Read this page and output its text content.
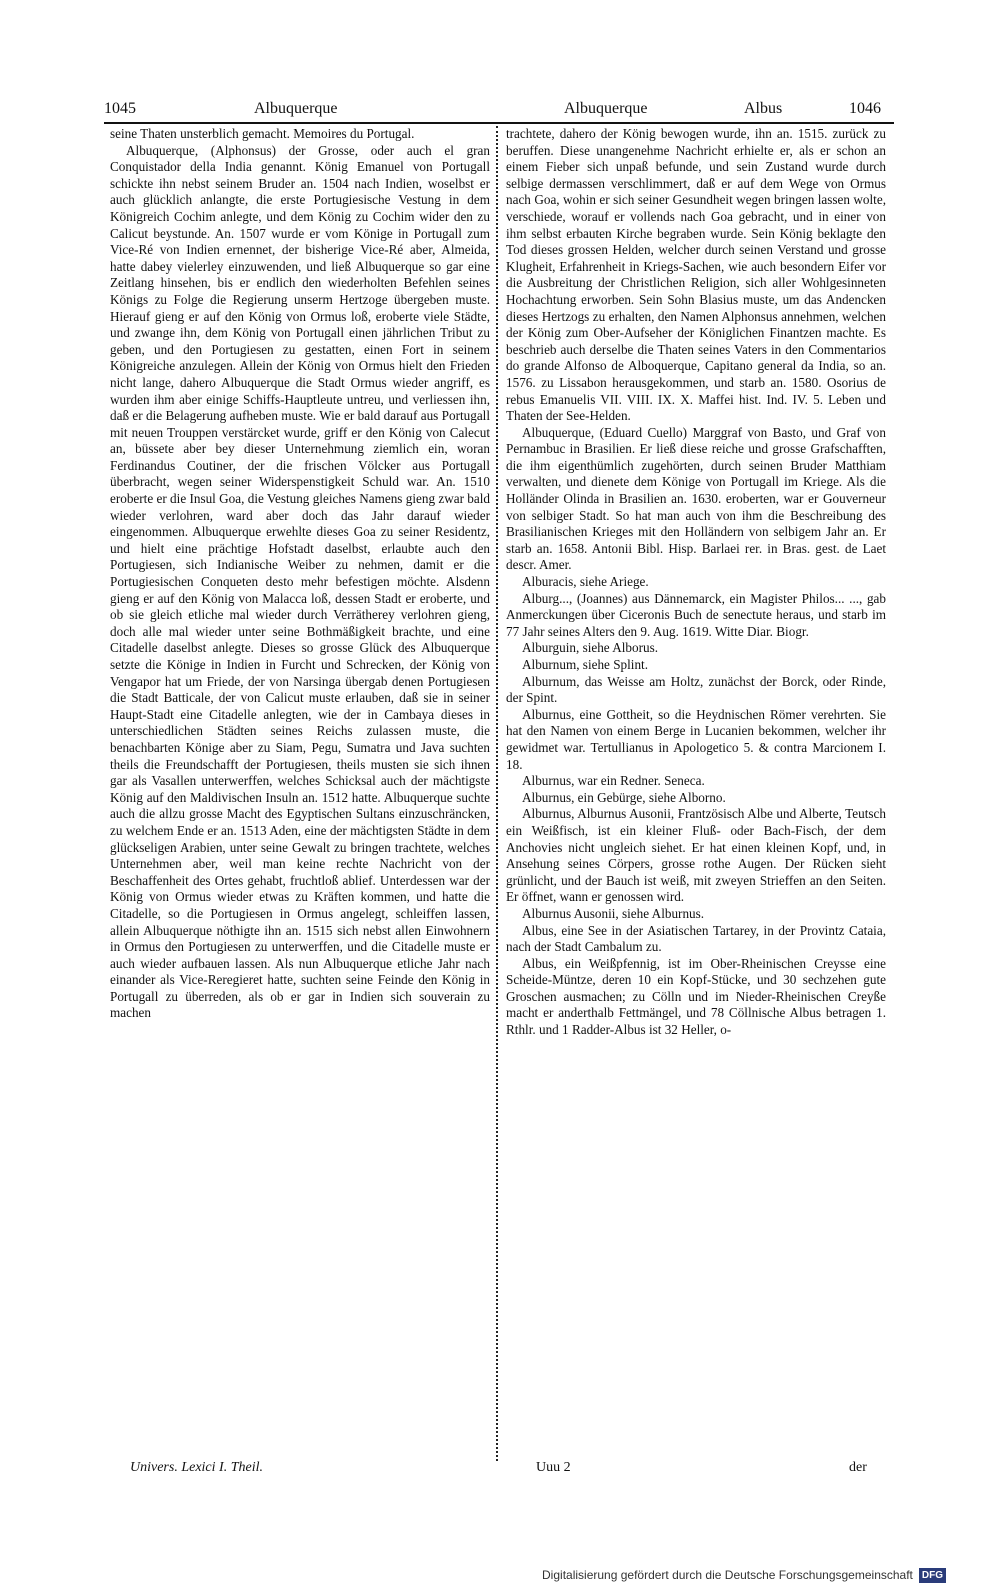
1045	Albuquerque	Albuquerque	Albus	1046

seine Thaten unsterblich gemacht. Memoires du Portugal.

Albuquerque, (Alphonsus) der Grosse, oder auch el gran Conquistador della India genannt. König Emanuel von Portugall schickte ihn nebst seinem Bruder an. 1504 nach Indien, woselbst er auch glücklich anlangte, die erste Portugiesische Vestung in dem Königreich Cochim anlegte, und dem König zu Cochim wider den zu Calicut beystunde. An. 1507 wurde er vom Könige in Portugall zum Vice-Ré von Indien ernennet, der bisherige Vice-Ré aber, Almeida, hatte dabey vielerley einzuwenden, und ließ Albuquerque so gar eine Zeitlang hinsehen, bis er endlich den wiederholten Befehlen seines Königs zu Folge die Regierung unserm Hertzoge übergeben muste. Hierauf gieng er auf den König von Ormus loß, eroberte viele Städte, und zwange ihn, dem König von Portugall einen jährlichen Tribut zu geben, und den Portugiesen zu gestatten, einen Fort in seinem Königreiche anzulegen. Allein der König von Ormus hielt den Frieden nicht lange, dahero Albuquerque die Stadt Ormus wieder angriff, es wurden ihm aber einige Schiffs-Hauptleute untreu, und verliessen ihn, daß er die Belagerung aufheben muste. Wie er bald darauf aus Portugall mit neuen Trouppen verstärcket wurde, griff er den König von Calecut an, büssete aber bey dieser Unternehmung ziemlich ein, woran Ferdinandus Coutiner, der die frischen Völcker aus Portugall überbracht, wegen seiner Widerspenstigkeit Schuld war. An. 1510 eroberte er die Insul Goa, die Vestung gleiches Namens gieng zwar bald wieder verlohren, ward aber doch das Jahr darauf wieder eingenommen. Albuquerque erwehlte dieses Goa zu seiner Residentz, und hielt eine prächtige Hofstadt daselbst, erlaubte auch den Portugiesen, sich Indianische Weiber zu nehmen, damit er die Portugiesischen Conqueten desto mehr befestigen möchte. Alsdenn gieng er auf den König von Malacca loß, dessen Stadt er eroberte, und ob sie gleich etliche mal wieder durch Verrätherey verlohren gieng, doch alle mal wieder unter seine Bothmäßigkeit brachte, und eine Citadelle daselbst anlegte. Dieses so grosse Glück des Albuquerque setzte die Könige in Indien in Furcht und Schrecken, der König von Vengapor hat um Friede, der von Narsinga übergab denen Portugiesen die Stadt Batticale, der von Calicut muste erlauben, daß sie in seiner Haupt-Stadt eine Citadelle anlegten, wie der in Cambaya dieses in unterschiedlichen Städten seines Reichs zulassen muste, die benachbarten Könige aber zu Siam, Pegu, Sumatra und Java suchten theils die Freundschafft der Portugiesen, theils musten sie sich ihnen gar als Vasallen unterwerffen, welches Schicksal auch der mächtigste König auf den Maldivischen Insuln an. 1512 hatte. Albuquerque suchte auch die allzu grosse Macht des Egyptischen Sultans einzuschräncken, zu welchem Ende er an. 1513 Aden, eine der mächtigsten Städte in dem glückseligen Arabien, unter seine Gewalt zu bringen trachtete, welches Unternehmen aber, weil man keine rechte Nachricht von der Beschaffenheit des Ortes gehabt, fruchtloß ablief. Unterdessen war der König von Ormus wieder etwas zu Kräften kommen, und hatte die Citadelle, so die Portugiesen in Ormus angelegt, schleiffen lassen, allein Albuquerque nöthigte ihn an. 1515 sich nebst allen Einwohnern in Ormus den Portugiesen zu unterwerffen, und die Citadelle muste er auch wieder aufbauen lassen. Als nun Albuquerque etliche Jahr nach einander als Vice-Reregieret hatte, suchten seine Feinde den König in Portugall zu überreden, als ob er gar in Indien sich souverain zu machen

trachtete, dahero der König bewogen wurde, ihn an. 1515. zurück zu beruffen. Diese unangenehme Nachricht erhielte er, als er schon an einem Fieber sich unpaß befunde, und sein Zustand wurde durch selbige dermassen verschlimmert, daß er auf dem Wege von Ormus nach Goa, wohin er sich seiner Gesundheit wegen bringen lassen wolte, verschiede, worauf er vollends nach Goa gebracht, und in einer von ihm selbst erbauten Kirche begraben wurde. Sein König beklagte den Tod dieses grossen Helden, welcher durch seinen Verstand und grosse Klugheit, Erfahrenheit in Kriegs-Sachen, wie auch besondern Eifer vor die Ausbreitung der Christlichen Religion, sich aller Wohlgesinneten Hochachtung erworben. Sein Sohn Blasius muste, um das Andencken dieses Hertzogs zu erhalten, den Namen Alphonsus annehmen, welchen der König zum Ober-Aufseher der Königlichen Finantzen machte. Es beschrieb auch derselbe die Thaten seines Vaters in den Commentarios do grande Alfonso de Alboquerque, Capitano general da India, so an. 1576. zu Lissabon herausgekommen, und starb an. 1580. Osorius de rebus Emanuelis VII. VIII. IX. X. Maffei hist. Ind. IV. 5. Leben und Thaten der See-Helden.

Albuquerque, (Eduard Cuello) Marggraf von Basto, und Graf von Pernambuc in Brasilien. Er ließ diese reiche und grosse Grafschafften, die ihm eigenthümlich zugehörten, durch seinen Bruder Matthiam verwalten, und dienete dem Könige von Portugall im Kriege. Als die Holländer Olinda in Brasilien an. 1630. eroberten, war er Gouverneur von selbiger Stadt. So hat man auch von ihm die Beschreibung des Brasilianischen Krieges mit den Holländern von selbigem Jahr an. Er starb an. 1658. Antonii Bibl. Hisp. Barlaei rer. in Bras. gest. de Laet descr. Amer.

Alburacis, siehe Ariege.

Alburg..., (Joannes) aus Dännemarck, ein Magister Philos... ..., gab Anmerckungen über Ciceronis Buch de senectute heraus, und starb im 77 Jahr seines Alters den 9. Aug. 1619. Witte Diar. Biogr.

Alburguin, siehe Alborus.

Alburnum, siehe Splint.

Alburnum, das Weisse am Holtz, zunächst der Borck, oder Rinde, der Spint.

Alburnus, eine Gottheit, so die Heydnischen Römer verehrten. Sie hat den Namen von einem Berge in Lucanien bekommen, welcher ihr gewidmet war. Tertullianus in Apologetico 5. & contra Marcionem I. 18.

Alburnus, war ein Redner. Seneca.

Alburnus, ein Gebürge, siehe Alborno.

Alburnus, Alburnus Ausonii, Frantzösisch Albe und Alberte, Teutsch ein Weißfisch, ist ein kleiner Fluß- oder Bach-Fisch, der dem Anchovies nicht ungleich siehet. Er hat einen kleinen Kopf, und, in Ansehung seines Cörpers, grosse rothe Augen. Der Rücken sieht grünlicht, und der Bauch ist weiß, mit zweyen Strieffen an den Seiten. Er öffnet, wann er genossen wird.

Alburnus Ausonii, siehe Alburnus.

Albus, eine See in der Asiatischen Tartarey, in der Provintz Cataia, nach der Stadt Cambalum zu.

Albus, ein Weißpfennig, ist im Ober-Rheinischen Creysse eine Scheide-Müntze, deren 10 ein Kopf-Stücke, und 30 sechzehen gute Groschen ausmachen; zu Cölln und im Nieder-Rheinischen Creyße macht er anderthalb Fettmängel, und 78 Cöllnische Albus betragen 1. Rthlr. und 1 Radder-Albus ist 32 Heller, o-

Univers. Lexici I. Theil.	Uuu 2	der
Digitalisierung gefördert durch die Deutsche Forschungsgemeinschaft DFG
